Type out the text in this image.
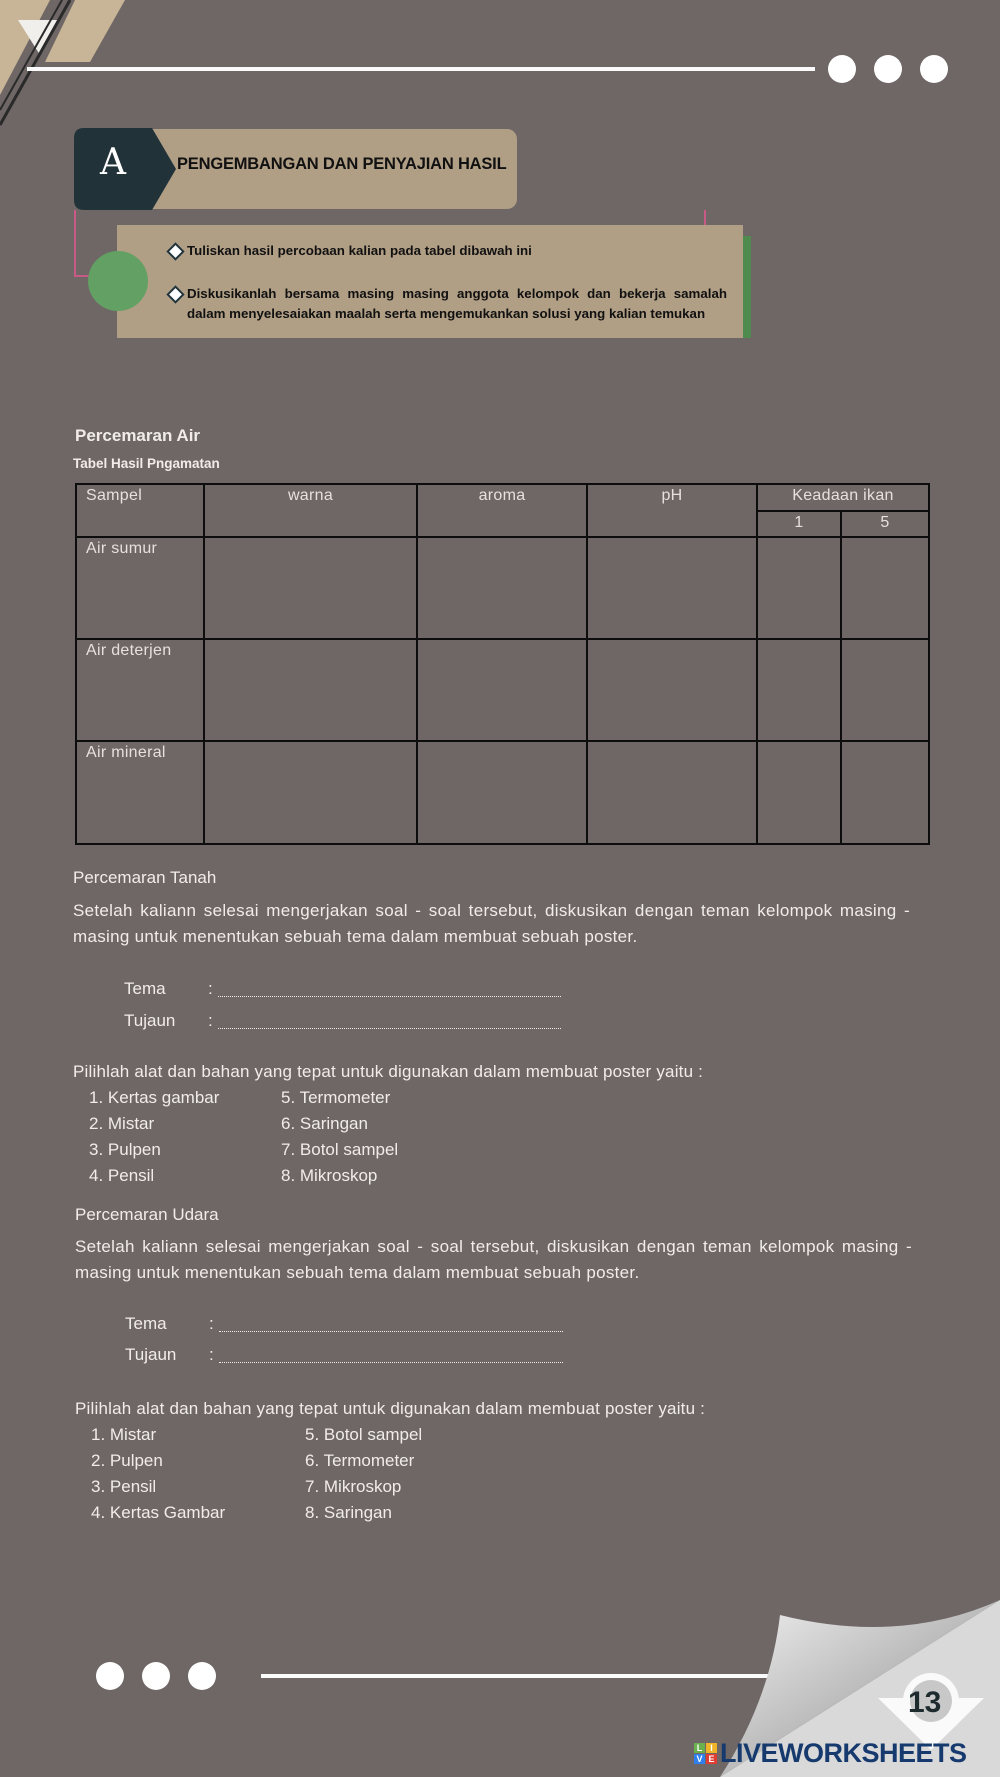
A	PENGEMBANGAN DAN PENYAJIAN HASIL
Tuliskan hasil percobaan kalian pada tabel dibawah ini
Diskusikanlah bersama masing masing anggota kelompok dan bekerja samalah dalam menyelesaiakan maalah serta mengemukankan solusi yang kalian temukan
Percemaran Air
Tabel Hasil Pngamatan
Sampel	warna	aroma	pH	Keadaan ikan	
				1	5
Air sumur					
Air deterjen					
Air mineral					
Percemaran Tanah
Setelah kaliann selesai mengerjakan soal - soal tersebut, diskusikan dengan teman kelompok masing - masing untuk menentukan sebuah tema dalam membuat sebuah poster.
Tema :
Tujaun :
Pilihlah alat dan bahan yang tepat untuk digunakan dalam membuat poster yaitu :
1. Kertas gambar
2. Mistar
3. Pulpen
4. Pensil
5. Termometer
6. Saringan
7. Botol sampel
8. Mikroskop
Percemaran Udara
Setelah kaliann selesai mengerjakan soal - soal tersebut, diskusikan dengan teman kelompok masing - masing untuk menentukan sebuah tema dalam membuat sebuah poster.
Tema :
Tujaun :
Pilihlah alat dan bahan yang tepat untuk digunakan dalam membuat poster yaitu :
1. Mistar
2. Pulpen
3. Pensil
4. Kertas Gambar
5. Botol sampel
6. Termometer
7. Mikroskop
8. Saringan
13
L I
V E LIVEWORKSHEETS
